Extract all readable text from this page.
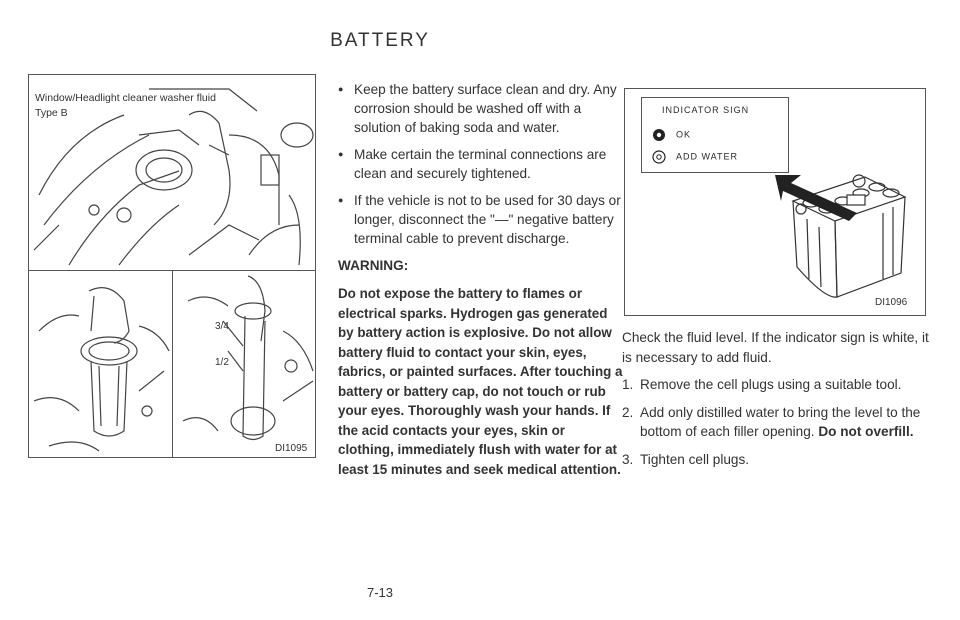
BATTERY
Window/Headlight cleaner washer fluid
Type B
3/4
1/2
DI1095
● Keep the battery surface clean and dry. Any corrosion should be washed off with a solution of baking soda and water.
● Make certain the terminal connections are clean and securely tightened.
● If the vehicle is not to be used for 30 days or longer, disconnect the "—" negative battery terminal cable to prevent discharge.
WARNING:
Do not expose the battery to flames or electrical sparks. Hydrogen gas generated by battery action is explosive. Do not allow battery fluid to contact your skin, eyes, fabrics, or painted surfaces. After touching a battery or battery cap, do not touch or rub your eyes. Thoroughly wash your hands. If the acid contacts your eyes, skin or clothing, immediately flush with water for at least 15 minutes and seek medical attention.
INDICATOR SIGN
OK
ADD WATER
DI1096

Check the fluid level. If the indicator sign is white, it is necessary to add fluid.

1. Remove the cell plugs using a suitable tool.
2. Add only distilled water to bring the level to the bottom of each filler opening. Do not overfill.
3. Tighten cell plugs.
7-13
